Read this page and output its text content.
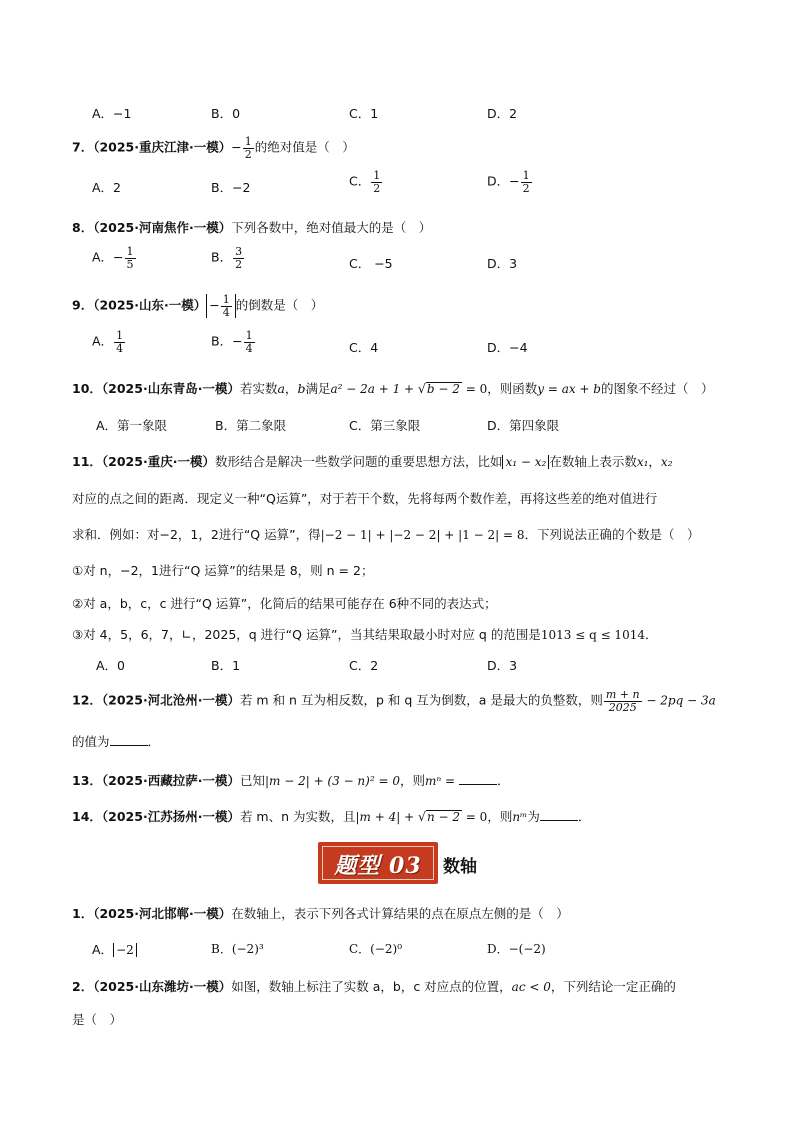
A．−1	B．0	C．1	D．2
7．（2025·重庆江津·一模）− $\frac{1}{2}$ 的绝对值是（　）
A．2	B．−2	C． $\frac{1}{2}$	D．− $\frac{1}{2}$
8．（2025·河南焦作·一模）下列各数中，绝对值最大的是（　）
A．− $\frac{1}{5}$	B． $\frac{3}{2}$	C． −5	D．3
9．（2025·山东·一模） − $\frac{1}{4}$ 的倒数是（　）
A． $\frac{1}{4}$	B．− $\frac{1}{4}$	C．4	D．−4
10．（2025·山东青岛·一模）若实数a，b满足a² − 2a + 1 + √b − 2 = 0，则函数y = ax + b的图象不经过（　）
A．第一象限	B．第二象限	C．第三象限	D．第四象限
11．（2025·重庆·一模）数形结合是解决一些数学问题的重要思想方法，比如 x₁ − x₂ 在数轴上表示数x₁，x₂
对应的点之间的距离．现定义一种“Q运算”，对于若干个数，先将每两个数作差，再将这些差的绝对值进行
求和．例如：对−2，1，2进行“Q 运算”，得|−2 − 1| + |−2 − 2| + |1 − 2| = 8．下列说法正确的个数是（　）
①对 n，−2，1进行“Q 运算”的结果是 8，则 n = 2；
②对 a，b，c，c 进行“Q 运算”，化简后的结果可能存在 6种不同的表达式；
③对 4，5，6，7，∟，2025，q 进行“Q 运算”，当其结果取最小时对应 q 的范围是1013 ≤ q ≤ 1014．
A．0	B．1	C．2	D．3
12．（2025·河北沧州·一模）若 m 和 n 互为相反数，p 和 q 互为倒数，a 是最大的负整数，则 $\frac{m + n}{2025} - 2pq - 3a$
的值为	．
13．（2025·西藏拉萨·一模）已知|m − 2| + (3 − n)² = 0，则mⁿ =	．
14．（2025·江苏扬州·一模）若 m、n 为实数，且|m + 4| + √n − 2 = 0，则nᵐ为	．
题型 03	数轴
1．（2025·河北邯郸·一模）在数轴上，表示下列各式计算结果的点在原点左侧的是（　）
A． −2	B．(−2)³	C．(−2)⁰	D．−(−2)
2．（2025·山东潍坊·一模）如图，数轴上标注了实数 a，b，c 对应点的位置，ac < 0，下列结论一定正确的
是（　）
